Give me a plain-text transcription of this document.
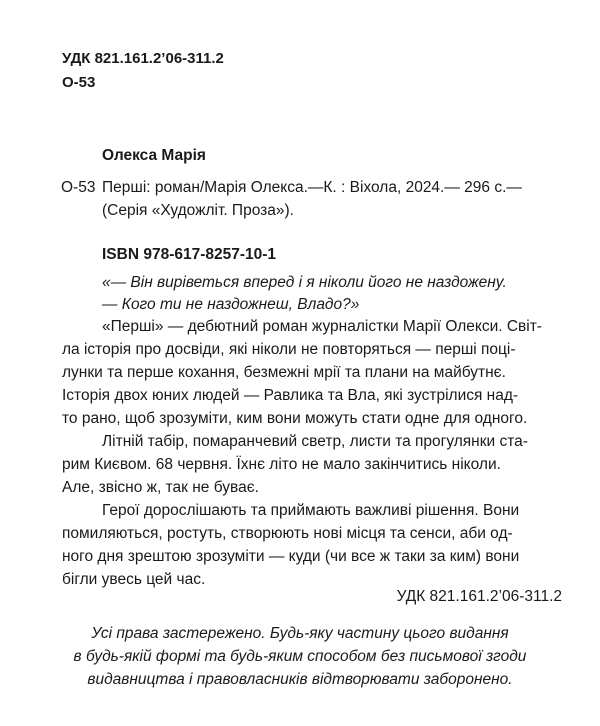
УДК 821.161.2’06-311.2
О-53
Олекса Марія
О-53 Перші: роман/Марія Олекса.—К. : Віхола, 2024.— 296 с.—
(Серія «Художліт. Проза»).
ISBN 978-617-8257-10-1
«— Він виріветься вперед і я ніколи його не наздожену.
— Кого ти не наздожнеш, Владо?»
«Перші» — дебютний роман журналістки Марії Олекси. Світ-
ла історія про досвіди, які ніколи не повторяться — перші поці-
лунки та перше кохання, безмежні мрії та плани на майбутнє.
Історія двох юних людей — Равлика та Вла, які зустрілися над-
то рано, щоб зрозуміти, ким вони можуть стати одне для одного.
Літній табір, помаранчевий светр, листи та прогулянки ста-
рим Києвом. 68 червня. Їхнє літо не мало закінчитись ніколи.
Але, звісно ж, так не буває.
Герої дорослішають та приймають важливі рішення. Вони
помиляються, ростуть, створюють нові місця та сенси, аби од-
ного дня зрештою зрозуміти — куди (чи все ж таки за ким) вони
бігли увесь цей час.
УДК 821.161.2’06-311.2
Усі права застережено. Будь-яку частину цього видання
в будь-якій формі та будь-яким способом без письмової згоди
видавництва і правовласників відтворювати заборонено.
